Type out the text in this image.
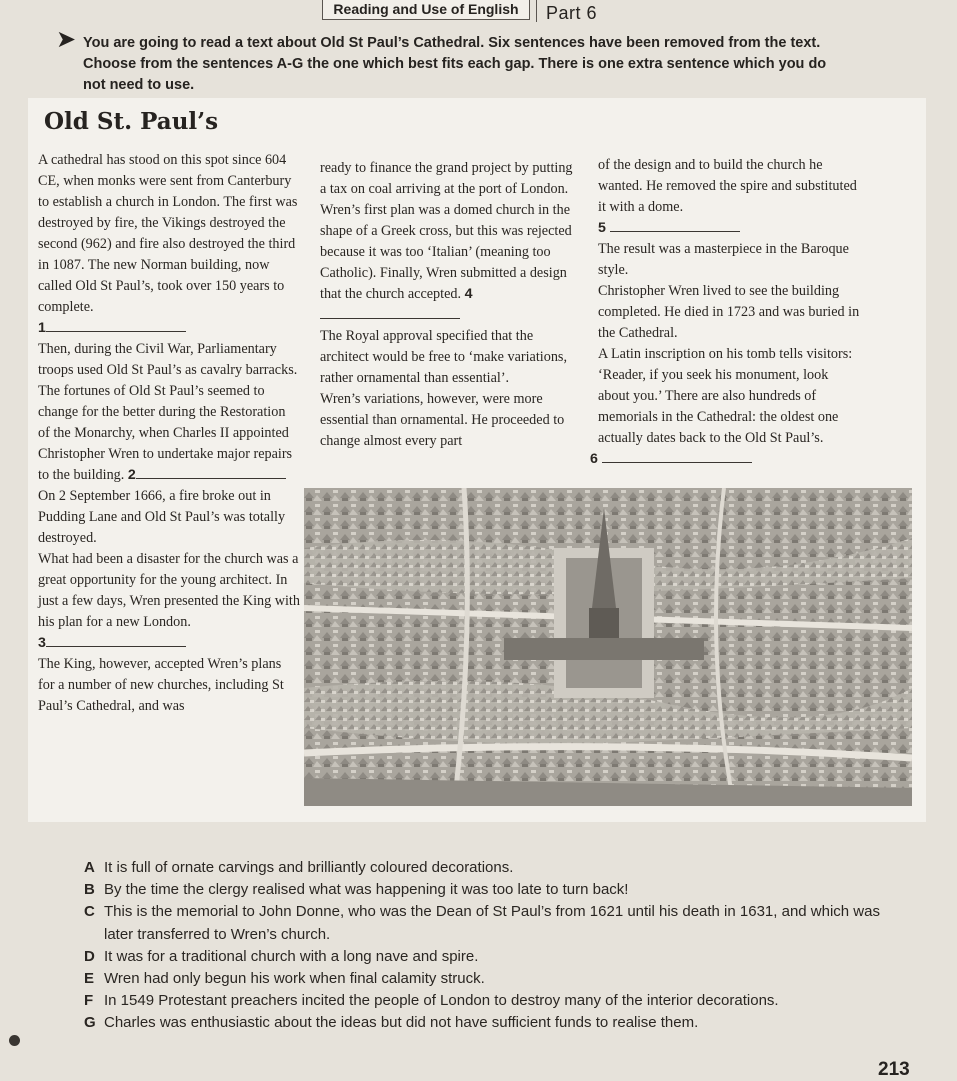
Reading and Use of English	Part 6
➤ You are going to read a text about Old St Paul’s Cathedral. Six sentences have been removed from the text. Choose from the sentences A-G the one which best fits each gap. There is one extra sentence which you do not need to use.
Old St. Paul’s

A cathedral has stood on this spot since 604 CE, when monks were sent from Canterbury to establish a church in London. The first was destroyed by fire, the Vikings destroyed the second (962) and fire also destroyed the third in 1087. The new Norman building, now called Old St Paul’s, took over 150 years to complete.

1

Then, during the Civil War, Parliamentary troops used Old St Paul’s as cavalry barracks.

The fortunes of Old St Paul’s seemed to change for the better during the Restoration of the Monarchy, when Charles II appointed Christopher Wren to undertake major repairs to the building. 2

On 2 September 1666, a fire broke out in Pudding Lane and Old St Paul’s was totally destroyed.

What had been a disaster for the church was a great opportunity for the young architect. In just a few days, Wren presented the King with his plan for a new London.

3

The King, however, accepted Wren’s plans for a number of new churches, including St Paul’s Cathedral, and was

ready to finance the grand project by putting a tax on coal arriving at the port of London.

Wren’s first plan was a domed church in the shape of a Greek cross, but this was rejected because it was too ‘Italian’ (meaning too Catholic). Finally, Wren submitted a design that the church accepted. 4

The Royal approval specified that the architect would be free to ‘make variations, rather ornamental than essential’.

Wren’s variations, however, were more essential than ornamental. He proceeded to change almost every part

of the design and to build the church he wanted. He removed the spire and substituted it with a dome.

5

The result was a masterpiece in the Baroque style.

Christopher Wren lived to see the building completed. He died in 1723 and was buried in the Cathedral.

A Latin inscription on his tomb tells visitors: ‘Reader, if you seek his monument, look about you.’ There are also hundreds of memorials in the Cathedral: the oldest one actually dates back to the Old St Paul’s.

6
A It is full of ornate carvings and brilliantly coloured decorations.
B By the time the clergy realised what was happening it was too late to turn back!
C This is the memorial to John Donne, who was the Dean of St Paul’s from 1621 until his death in 1631, and which was later transferred to Wren’s church.
D It was for a traditional church with a long nave and spire.
E Wren had only begun his work when final calamity struck.
F In 1549 Protestant preachers incited the people of London to destroy many of the interior decorations.
G Charles was enthusiastic about the ideas but did not have sufficient funds to realise them.
213
